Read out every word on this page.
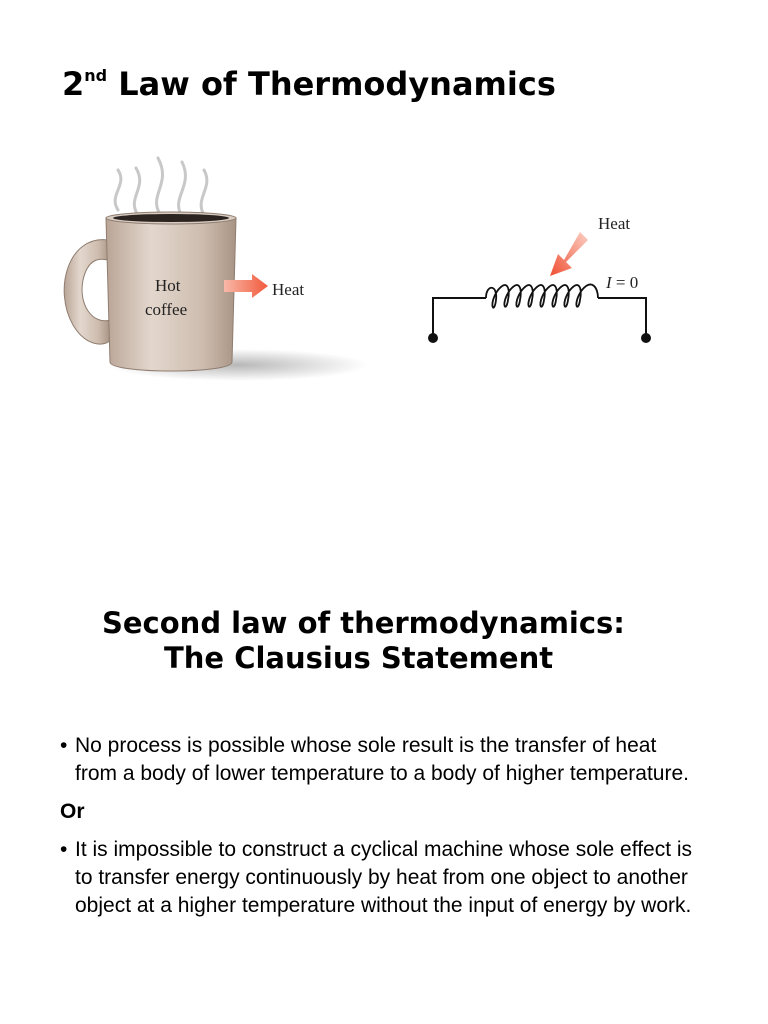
2nd Law of Thermodynamics
Hot
coffee
Heat
Heat
I = 0
Second law of thermodynamics:
The Clausius Statement

• No process is possible whose sole result is the transfer of heat from a body of lower temperature to a body of higher temperature.

Or

• It is impossible to construct a cyclical machine whose sole effect is to transfer energy continuously by heat from one object to another object at a higher temperature without the input of energy by work.
